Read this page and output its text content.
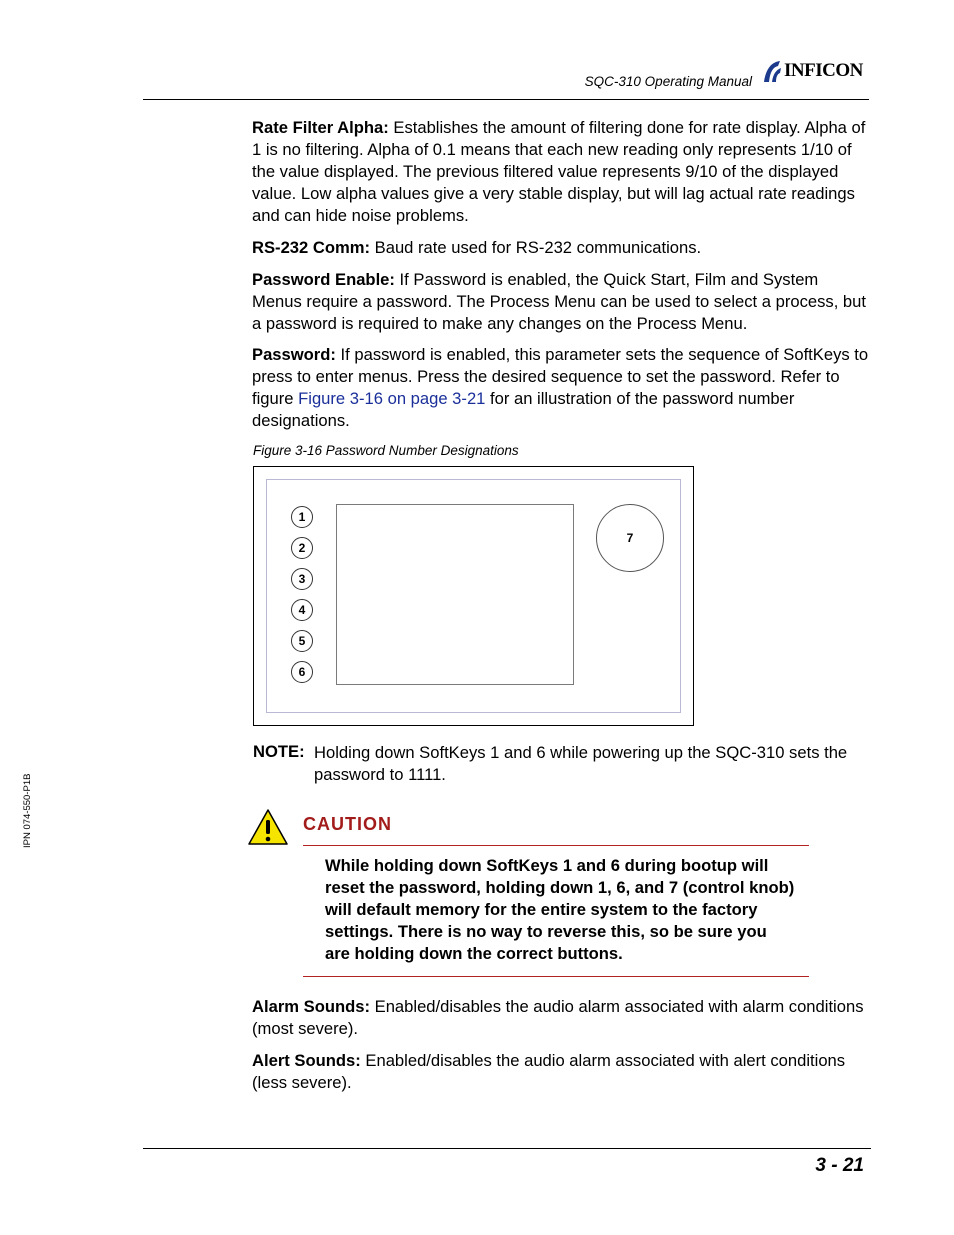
SQC-310 Operating Manual
INFICON

Rate Filter Alpha: Establishes the amount of filtering done for rate display. Alpha of 1 is no filtering. Alpha of 0.1 means that each new reading only represents 1/10 of the value displayed. The previous filtered value represents 9/10 of the displayed value. Low alpha values give a very stable display, but will lag actual rate readings and can hide noise problems.

RS-232 Comm: Baud rate used for RS-232 communications.

Password Enable: If Password is enabled, the Quick Start, Film and System Menus require a password. The Process Menu can be used to select a process, but a password is required to make any changes on the Process Menu.

Password: If password is enabled, this parameter sets the sequence of SoftKeys to press to enter menus. Press the desired sequence to set the password. Refer to figure Figure 3-16 on page 3-21 for an illustration of the password number designations.

Figure 3-16 Password Number Designations
1
2
3
4
5
6
7
NOTE: Holding down SoftKeys 1 and 6 while powering up the SQC-310 sets the password to 1111.
CAUTION
While holding down SoftKeys 1 and 6 during bootup will reset the password, holding down 1, 6, and 7 (control knob) will default memory for the entire system to the factory settings. There is no way to reverse this, so be sure you are holding down the correct buttons.

Alarm Sounds: Enabled/disables the audio alarm associated with alarm conditions (most severe).

Alert Sounds: Enabled/disables the audio alarm associated with alert conditions (less severe).

IPN 074-550-P1B
3 - 21
